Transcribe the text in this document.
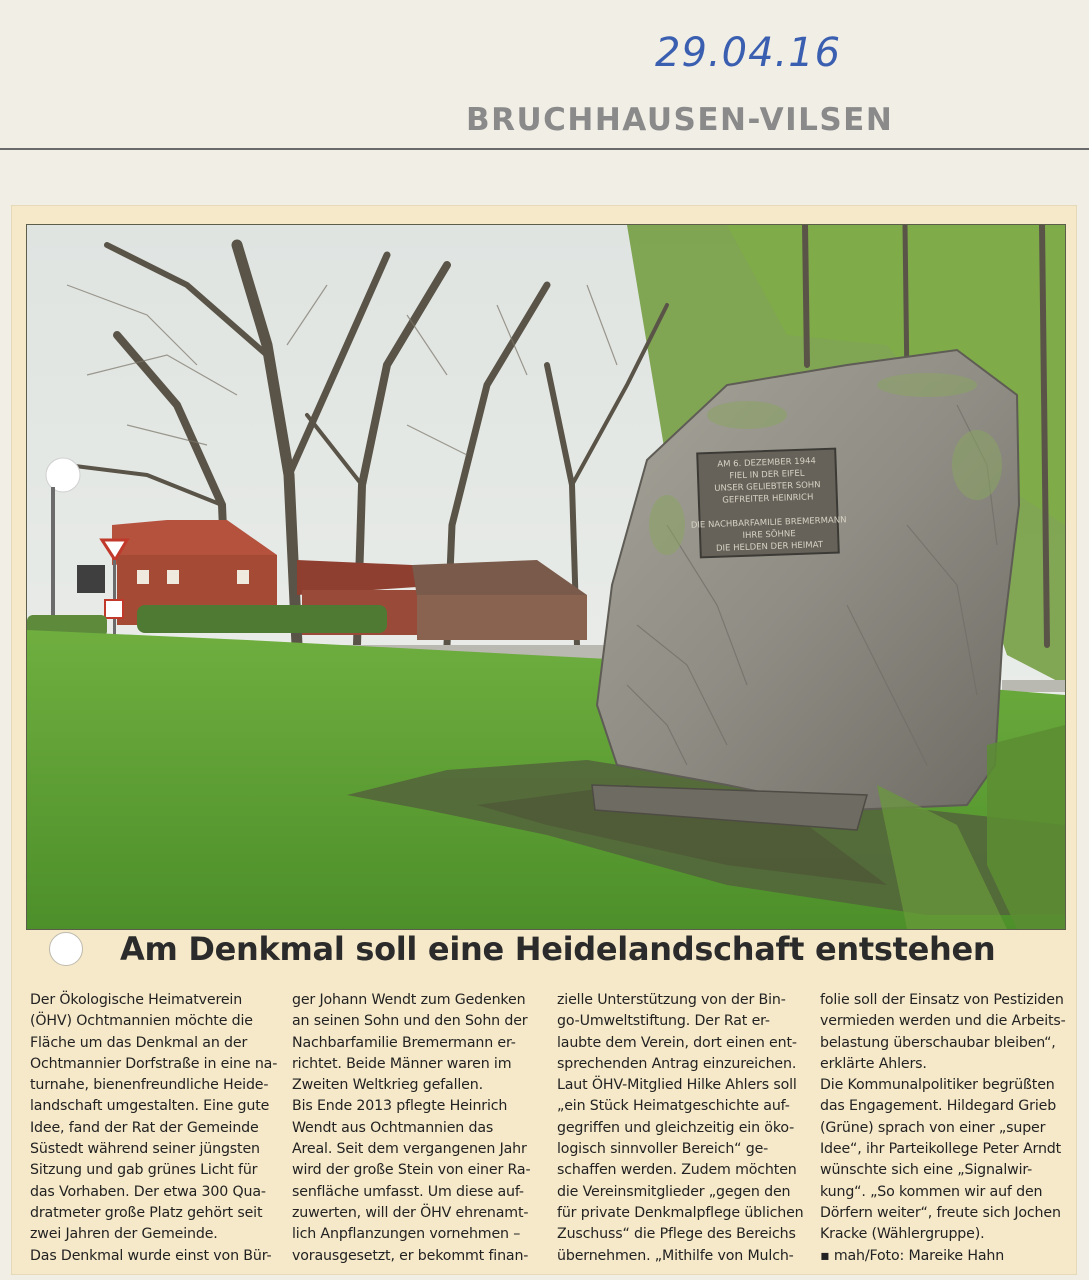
29.04.16
BRUCHHAUSEN-VILSEN
AM 6. DEZEMBER 1944
FIEL IN DER EIFEL
UNSER GELIEBTER SOHN
GEFREITER HEINRICH
DIE NACHBARFAMILIE BREMERMANN
IHRE SÖHNE
DIE HELDEN DER HEIMAT
Am Denkmal soll eine Heidelandschaft entstehen
Der Ökologische Heimatverein
(ÖHV) Ochtmannien möchte die
Fläche um das Denkmal an der
Ochtmannier Dorfstraße in eine na-
turnahe, bienenfreundliche Heide-
landschaft umgestalten. Eine gute
Idee, fand der Rat der Gemeinde
Süstedt während seiner jüngsten
Sitzung und gab grünes Licht für
das Vorhaben. Der etwa 300 Qua-
dratmeter große Platz gehört seit
zwei Jahren der Gemeinde.
Das Denkmal wurde einst von Bür-
ger Johann Wendt zum Gedenken
an seinen Sohn und den Sohn der
Nachbarfamilie Bremermann er-
richtet. Beide Männer waren im
Zweiten Weltkrieg gefallen.
Bis Ende 2013 pflegte Heinrich
Wendt aus Ochtmannien das
Areal. Seit dem vergangenen Jahr
wird der große Stein von einer Ra-
senfläche umfasst. Um diese auf-
zuwerten, will der ÖHV ehrenamt-
lich Anpflanzungen vornehmen –
vorausgesetzt, er bekommt finan-
zielle Unterstützung von der Bin-
go-Umweltstiftung. Der Rat er-
laubte dem Verein, dort einen ent-
sprechenden Antrag einzureichen.
Laut ÖHV-Mitglied Hilke Ahlers soll
„ein Stück Heimatgeschichte auf-
gegriffen und gleichzeitig ein öko-
logisch sinnvoller Bereich“ ge-
schaffen werden. Zudem möchten
die Vereinsmitglieder „gegen den
für private Denkmalpflege üblichen
Zuschuss“ die Pflege des Bereichs
übernehmen. „Mithilfe von Mulch-
folie soll der Einsatz von Pestiziden
vermieden werden und die Arbeits-
belastung überschaubar bleiben“,
erklärte Ahlers.
Die Kommunalpolitiker begrüßten
das Engagement. Hildegard Grieb
(Grüne) sprach von einer „super
Idee“, ihr Parteikollege Peter Arndt
wünschte sich eine „Signalwir-
kung“. „So kommen wir auf den
Dörfern weiter“, freute sich Jochen
Kracke (Wählergruppe).
▪ mah/Foto: Mareike Hahn
